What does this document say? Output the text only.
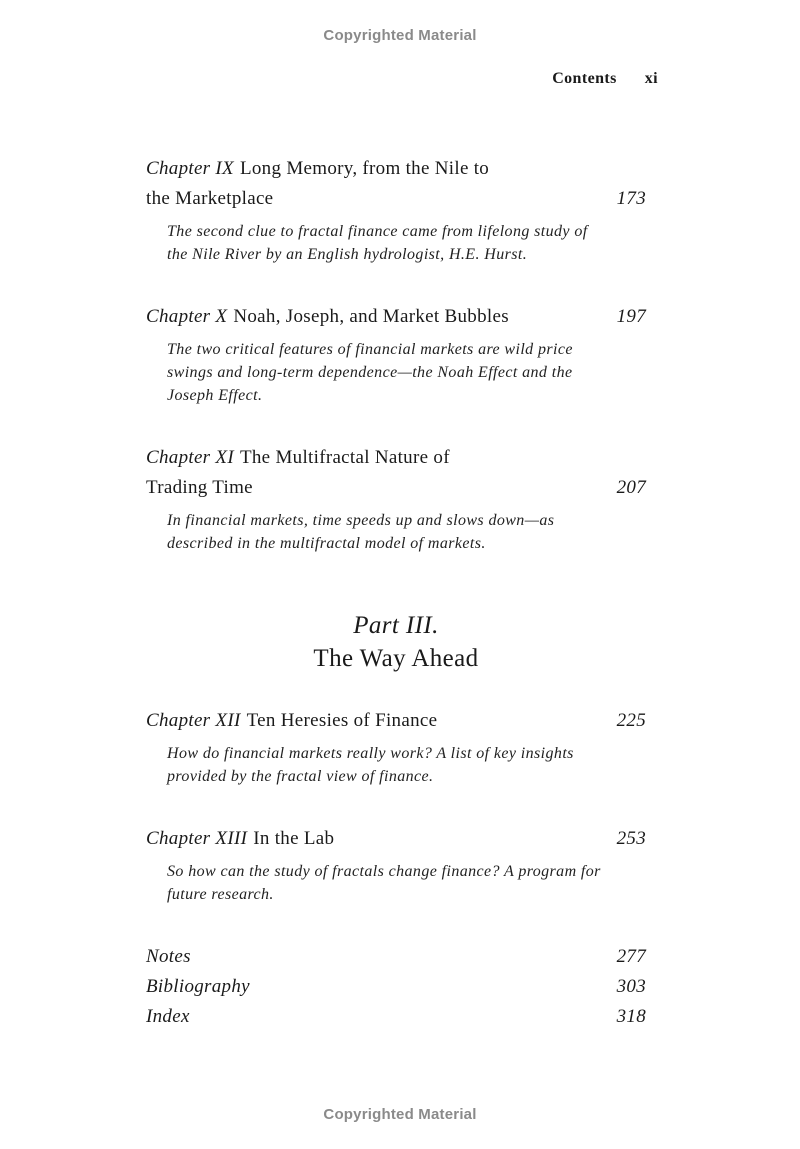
Copyrighted Material
Contents xi
Chapter IX Long Memory, from the Nile to
the Marketplace	173
The second clue to fractal finance came from lifelong study of
the Nile River by an English hydrologist, H.E. Hurst.
Chapter X Noah, Joseph, and Market Bubbles	197
The two critical features of financial markets are wild price
swings and long-term dependence—the Noah Effect and the
Joseph Effect.
Chapter XI The Multifractal Nature of
Trading Time	207
In financial markets, time speeds up and slows down—as
described in the multifractal model of markets.
Part III.
The Way Ahead
Chapter XII Ten Heresies of Finance	225
How do financial markets really work? A list of key insights
provided by the fractal view of finance.
Chapter XIII In the Lab	253
So how can the study of fractals change finance? A program for
future research.
Notes	277
Bibliography	303
Index	318
Copyrighted Material
